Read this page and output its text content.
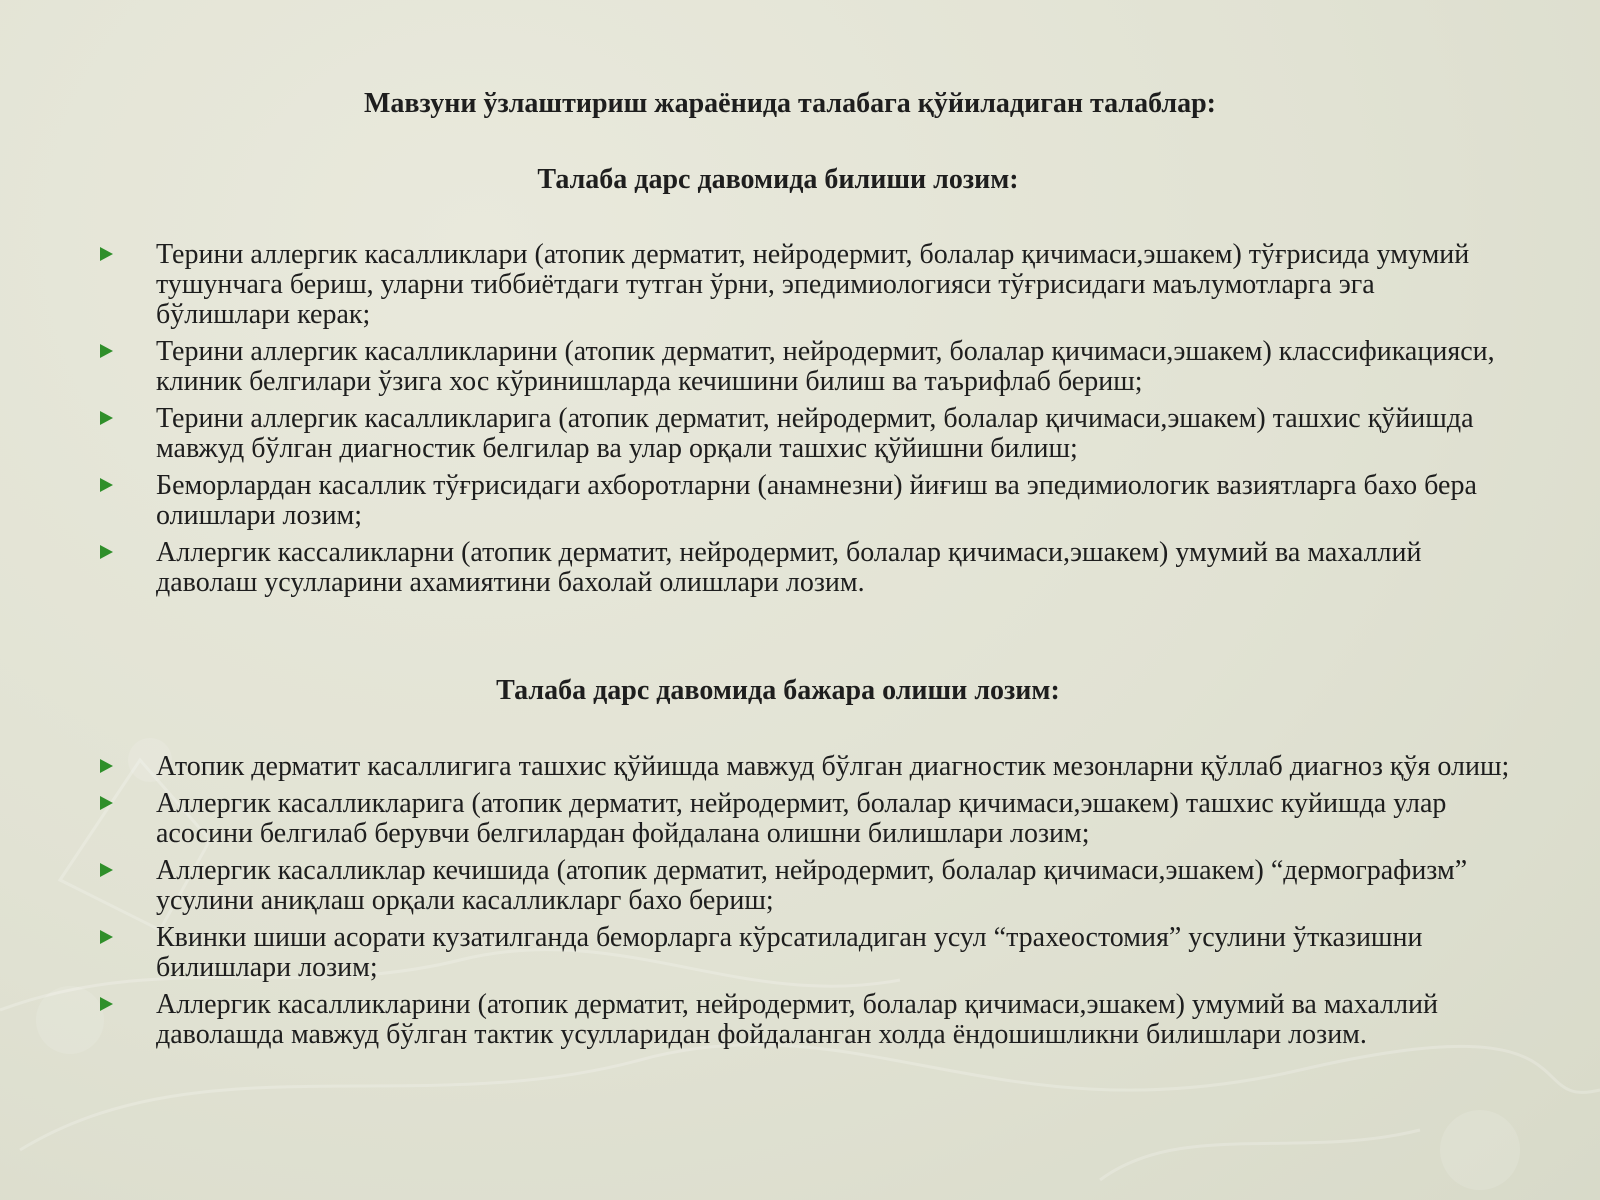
Мавзуни ўзлаштириш жараёнида талабага қўйиладиган талаблар:
Талаба дарс давомида билиши лозим:
Терини аллергик касалликлари (атопик дерматит, нейродермит, болалар қичимаси,эшакем) тўғрисида умумий тушунчага бериш, уларни тиббиётдаги тутган ўрни, эпедимиологияси тўғрисидаги маълумотларга эга бўлишлари керак;
Терини аллергик касалликларини (атопик дерматит, нейродермит, болалар қичимаси,эшакем) классификацияси, клиник белгилари ўзига хос кўринишларда кечишини билиш ва таърифлаб бериш;
Терини аллергик касалликларига (атопик дерматит, нейродермит, болалар қичимаси,эшакем) ташхис қўйишда мавжуд бўлган диагностик белгилар ва улар орқали ташхис қўйишни билиш;
Беморлардан касаллик тўғрисидаги ахборотларни (анамнезни) йиғиш ва эпедимиологик вазиятларга бахо бера олишлари лозим;
Аллергик кассаликларни (атопик дерматит, нейродермит, болалар қичимаси,эшакем) умумий ва махаллий даволаш усулларини ахамиятини бахолай олишлари лозим.
Талаба дарс давомида бажара олиши лозим:
Атопик дерматит касаллигига ташхис қўйишда мавжуд бўлган диагностик мезонларни қўллаб диагноз қўя олиш;
Аллергик касалликларига (атопик дерматит, нейродермит, болалар қичимаси,эшакем) ташхис куйишда улар асосини белгилаб берувчи белгилардан фойдалана олишни билишлари лозим;
Аллергик касалликлар кечишида (атопик дерматит, нейродермит, болалар қичимаси,эшакем) “дермографизм” усулини аниқлаш орқали касалликларг бахо бериш;
Квинки шиши асорати кузатилганда беморларга кўрсатиладиган усул “трахеостомия” усулини ўтказишни билишлари лозим;
Аллергик касалликларини (атопик дерматит, нейродермит, болалар қичимаси,эшакем) умумий ва махаллий даволашда мавжуд бўлган тактик усулларидан фойдаланган холда ёндошишликни билишлари лозим.
